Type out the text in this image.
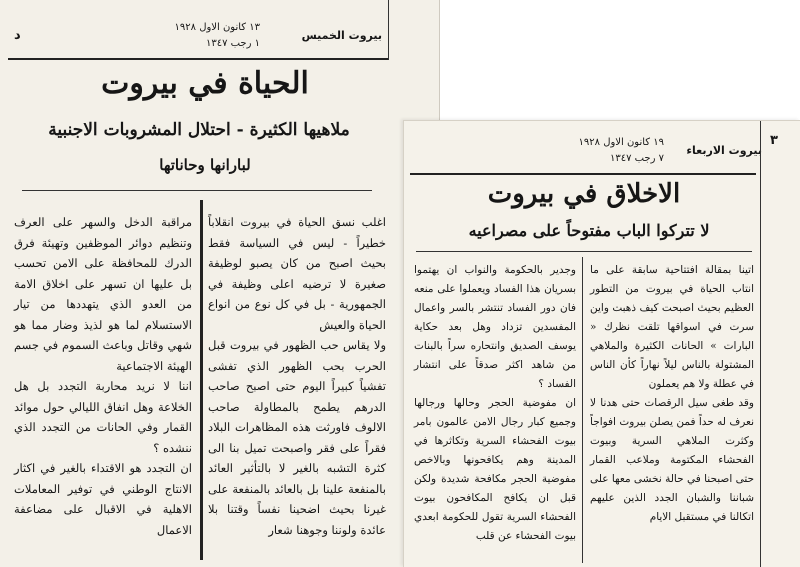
د
١٣ كانون الاول ١٩٢٨
١ رجب ١٣٤٧
بيروت الخميس
الحياة في بيروت
ملاهيها الكثيرة - احتلال المشروبات الاجنبية
لبارانها وحاناتها

اغلب نسق الحياة في بيروت انقلاباً خطيراً - ليس في السياسة فقط بحيث اصبح من كان يصبو لوظيفة صغيرة لا ترضيه اعلى وظيفة في الجمهورية - بل في كل نوع من انواع الحياة والعيش

ولا يقاس حب الظهور في بيروت قبل الحرب بحب الظهور الذي تفشى تفشياً كبيراً اليوم حتى اصبح صاحب الدرهم يطمح بالمطاولة صاحب الالوف فاورثت هذه المظاهرات البلاد فقراً على فقر واصبحت تميل بنا الى كثرة التشبه بالغير لا بالتأثير العائد بالمنفعة علينا بل بالعائد بالمنفعة على غيرنا بحيث اضحينا نفساً وقتنا بلا عائدة ولوننا وجوهنا شعار

مراقبة الدخل والسهر على العرف وتنظيم دوائر الموظفين وتهيئة فرق الدرك للمحافظة على الامن تحسب بل عليها ان تسهر على اخلاق الامة من العدو الذي يتهددها من تيار الاستسلام لما هو لذيذ وضار مما هو شهي وقاتل وباعث السموم في جسم الهيئة الاجتماعية

اننا لا نريد محاربة التجدد بل هل الخلاعة وهل انفاق الليالي حول موائد القمار وفي الحانات من التجدد الذي ننشده ؟

ان التجدد هو الاقتداء بالغير في اكثار الانتاج الوطني في توفير المعاملات الاهلية في الاقبال على مضاعفة الاعمال

٣
١٩ كانون الاول ١٩٢٨
٧ رجب ١٣٤٧
بيروت الاربعاء
الاخلاق في بيروت
لا تتركوا الباب مفتوحاً على مصراعيه

اتينا بمقالة افتتاحية سابقة على ما انتاب الحياة في بيروت من التطور العظيم بحيث اصبحت كيف ذهبت واين سرت في اسواقها تلقت نظرك « البارات » الحانات الكثيرة والملاهي المشتولة بالناس ليلاً نهاراً كأن الناس في عطلة ولا هم يعملون

وقد طغى سيل الرقصات حتى هدنا لا نعرف له حداً فمن يصلن بيروت افواجاً وكثرت الملاهي السرية وبيوت الفحشاء المكتومة وملاعب القمار حتى اصبحنا في حالة نخشى معها على شباننا والشبان الجدد الذين عليهم اتكالنا في مستقبل الايام

وجدير بالحكومة والنواب ان يهتموا بسريان هذا الفساد ويعملوا على منعه فان دور الفساد تنتشر بالسر واعمال المفسدين تزداد وهل بعد حكاية يوسف الصديق وانتحاره سراً بالبنات من شاهد اكثر صدقاً على انتشار الفساد ؟

ان مفوضية الحجر وحالها ورجالها وجميع كبار رجال الامن عالمون بامر بيوت الفحشاء السرية وتكاثرها في المدينة وهم يكافحونها وبالاخص مفوضية الحجر مكافحة شديدة ولكن قبل ان يكافح المكافحون بيوت الفحشاء السرية تقول للحكومة ابعدي بيوت الفحشاء عن قلب
